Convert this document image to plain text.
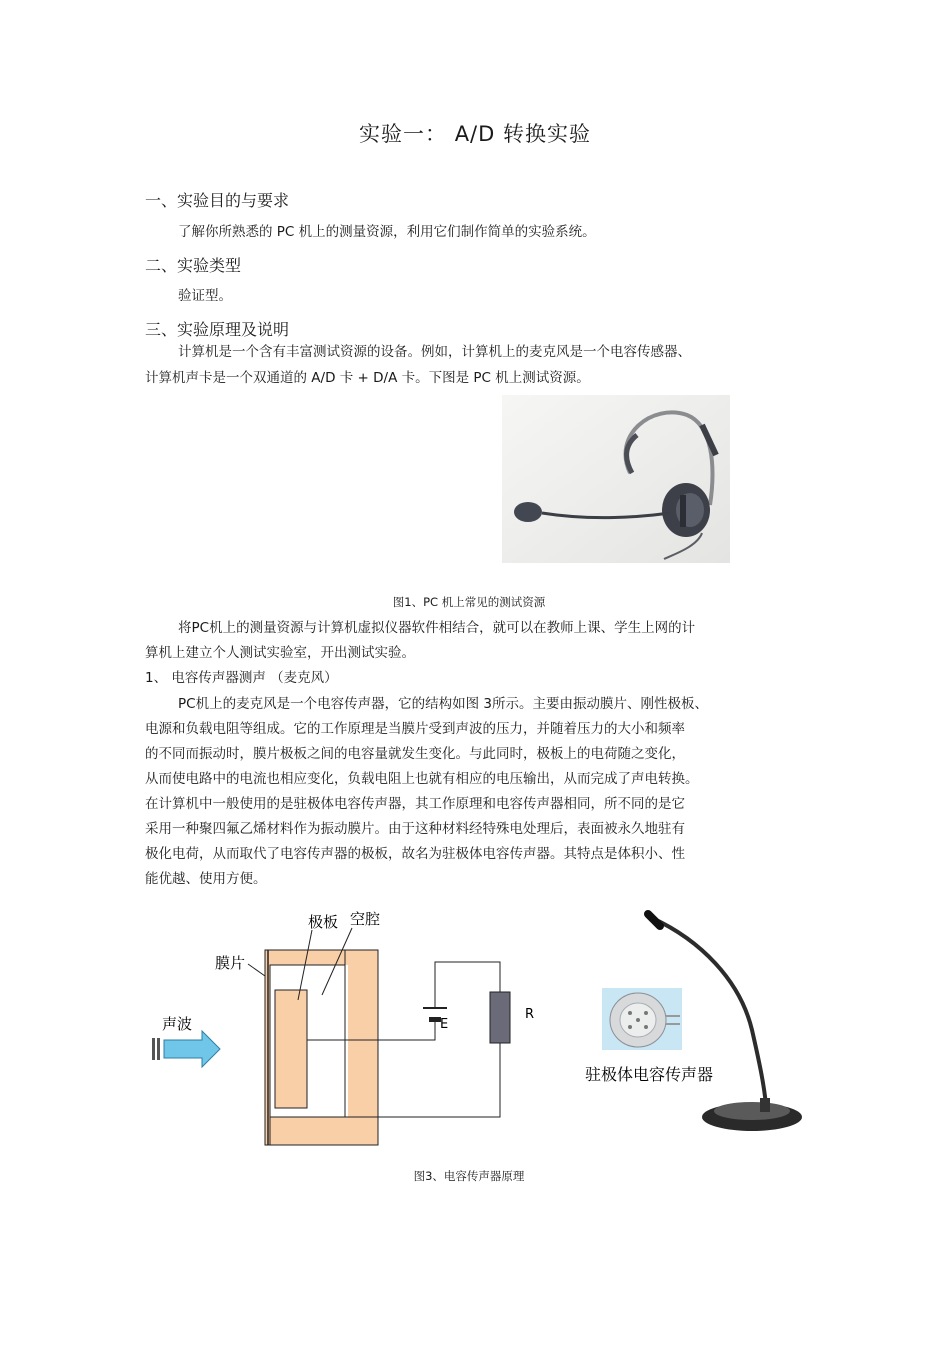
实验一： A/D 转换实验
一、实验目的与要求
了解你所熟悉的 PC 机上的测量资源，利用它们制作简单的实验系统。
二、实验类型
验证型。
三、实验原理及说明
计算机是一个含有丰富测试资源的设备。例如，计算机上的麦克风是一个电容传感器、
计算机声卡是一个双通道的 A/D 卡 + D/A 卡。下图是 PC 机上测试资源。
图1、PC 机上常见的测试资源
将PC机上的测量资源与计算机虚拟仪器软件相结合，就可以在教师上课、学生上网的计
算机上建立个人测试实验室，开出测试实验。
1、 电容传声器测声 （麦克风）
PC机上的麦克风是一个电容传声器，它的结构如图 3所示。主要由振动膜片、刚性极板、
电源和负载电阻等组成。它的工作原理是当膜片受到声波的压力，并随着压力的大小和频率
的不同而振动时，膜片极板之间的电容量就发生变化。与此同时，极板上的电荷随之变化，
从而使电路中的电流也相应变化，负载电阻上也就有相应的电压输出，从而完成了声电转换。
在计算机中一般使用的是驻极体电容传声器，其工作原理和电容传声器相同，所不同的是它
采用一种聚四氟乙烯材料作为振动膜片。由于这种材料经特殊电处理后，表面被永久地驻有
极化电荷，从而取代了电容传声器的极板，故名为驻极体电容传声器。其特点是体积小、性
能优越、使用方便。
极板 空腔
膜片
声波	E
R
驻极体电容传声器
图3、电容传声器原理
